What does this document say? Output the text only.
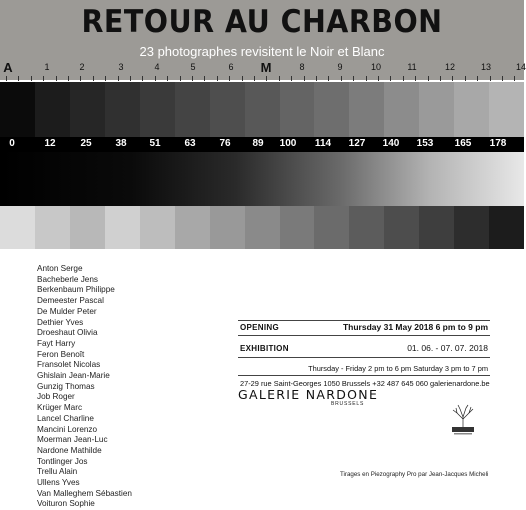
RETOUR AU CHARBON
23 photographes revisitent le Noir et Blanc
A	1	2	3	4	5	6 M	8	9	10	11	12	13	14
0	12 25 38 51 63 76 89 100 114 127 140 153 165 178
Anton Serge
Bacheberle Jens
Berkenbaum Philippe
Demeester Pascal
De Mulder Peter
Dethier Yves
Droeshaut Olivia
Fayt Harry
Feron Benoît
Fransolet Nicolas
Ghislain Jean-Marie
Gunzig Thomas
Job Roger
Krüger Marc
Lancel Charline
Mancini Lorenzo
Moerman Jean-Luc
Nardone Mathilde
Tontlinger Jos
Trellu Alain
Ullens Yves
Van Malleghem Sébastien
Voituron Sophie
OPENING	Thursday 31 May 2018 6 pm to 9 pm
EXHIBITION	01. 06. - 07. 07. 2018
Thursday - Friday 2 pm to 6 pm Saturday 3 pm to 7 pm
27-29 rue Saint-Georges 1050 Brussels +32 487 645 060 galerienardone.be
GALERIE NARDONE
BRUSSELS
Tirages en Piezography Pro par Jean-Jacques Micheli
